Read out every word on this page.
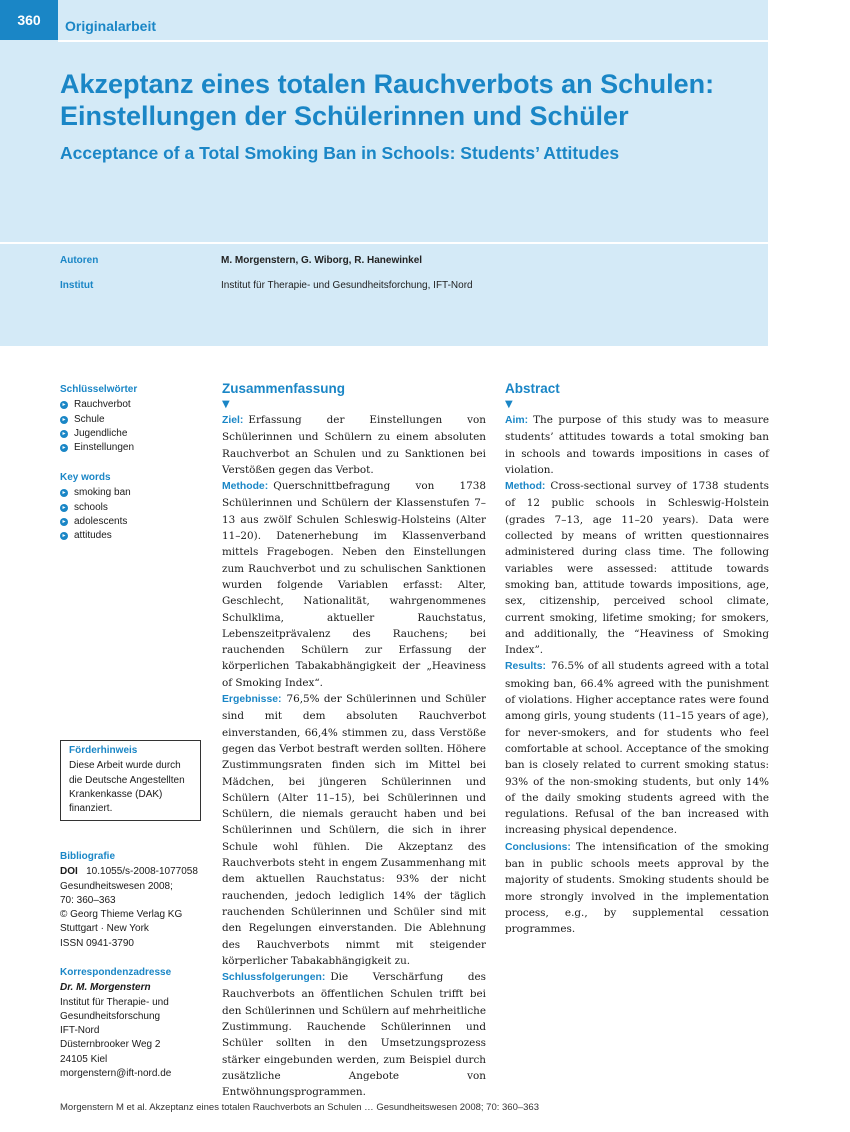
360	Originalarbeit
Akzeptanz eines totalen Rauchverbots an Schulen: Einstellungen der Schülerinnen und Schüler
Acceptance of a Total Smoking Ban in Schools: Students’ Attitudes
Autoren	M. Morgenstern, G. Wiborg, R. Hanewinkel
Institut	Institut für Therapie- und Gesundheitsforchung, IFT-Nord
Schlüsselwörter
▸ Rauchverbot
▸ Schule
▸ Jugendliche
▸ Einstellungen
Key words
▸ smoking ban
▸ schools
▸ adolescents
▸ attitudes
Förderhinweis
Diese Arbeit wurde durch die Deutsche Angestellten Krankenkasse (DAK) finanziert.
Bibliografie
DOI 10.1055/s-2008-1077058
Gesundheitswesen 2008;
70: 360–363
© Georg Thieme Verlag KG
Stuttgart · New York
ISSN 0941-3790
Korrespondenzadresse
Dr. M. Morgenstern
Institut für Therapie- und
Gesundheitsforschung
IFT-Nord
Düsternbrooker Weg 2
24105 Kiel
morgenstern@ift-nord.de
Zusammenfassung
▼

Ziel: Erfassung der Einstellungen von Schülerinnen und Schülern zu einem absoluten Rauchverbot an Schulen und zu Sanktionen bei Verstößen gegen das Verbot.

Methode: Querschnittbefragung von 1738 Schülerinnen und Schülern der Klassenstufen 7–13 aus zwölf Schulen Schleswig-Holsteins (Alter 11–20). Datenerhebung im Klassenverband mittels Fragebogen. Neben den Einstellungen zum Rauchverbot und zu schulischen Sanktionen wurden folgende Variablen erfasst: Alter, Geschlecht, Nationalität, wahrgenommenes Schulklima, aktueller Rauchstatus, Lebenszeitprävalenz des Rauchens; bei rauchenden Schülern zur Erfassung der körperlichen Tabakabhängigkeit der „Heaviness of Smoking Index“.

Ergebnisse: 76,5% der Schülerinnen und Schüler sind mit dem absoluten Rauchverbot einverstanden, 66,4% stimmen zu, dass Verstöße gegen das Verbot bestraft werden sollten. Höhere Zustimmungsraten finden sich im Mittel bei Mädchen, bei jüngeren Schülerinnen und Schülern (Alter 11–15), bei Schülerinnen und Schülern, die niemals geraucht haben und bei Schülerinnen und Schülern, die sich in ihrer Schule wohl fühlen. Die Akzeptanz des Rauchverbots steht in engem Zusammenhang mit dem aktuellen Rauchstatus: 93% der nicht rauchenden, jedoch lediglich 14% der täglich rauchenden Schülerinnen und Schüler sind mit den Regelungen einverstanden. Die Ablehnung des Rauchverbots nimmt mit steigender körperlicher Tabakabhängigkeit zu.

Schlussfolgerungen: Die Verschärfung des Rauchverbots an öffentlichen Schulen trifft bei den Schülerinnen und Schülern auf mehrheitliche Zustimmung. Rauchende Schülerinnen und Schüler sollten in den Umsetzungsprozess stärker eingebunden werden, zum Beispiel durch zusätzliche Angebote von Entwöhnungsprogrammen.

Abstract
▼

Aim: The purpose of this study was to measure students’ attitudes towards a total smoking ban in schools and towards impositions in cases of violation.

Method: Cross-sectional survey of 1738 students of 12 public schools in Schleswig-Holstein (grades 7–13, age 11–20 years). Data were collected by means of written questionnaires administered during class time. The following variables were assessed: attitude towards smoking ban, attitude towards impositions, age, sex, citizenship, perceived school climate, current smoking, lifetime smoking; for smokers, and additionally, the “Heaviness of Smoking Index”.

Results: 76.5% of all students agreed with a total smoking ban, 66.4% agreed with the punishment of violations. Higher acceptance rates were found among girls, young students (11–15 years of age), for never-smokers, and for students who feel comfortable at school. Acceptance of the smoking ban is closely related to current smoking status: 93% of the non-smoking students, but only 14% of the daily smoking students agreed with the regulations. Refusal of the ban increased with increasing physical dependence.

Conclusions: The intensification of the smoking ban in public schools meets approval by the majority of students. Smoking students should be more strongly involved in the implementation process, e.g., by supplemental cessation programmes.

Morgenstern M et al. Akzeptanz eines totalen Rauchverbots an Schulen … Gesundheitswesen 2008; 70: 360–363
